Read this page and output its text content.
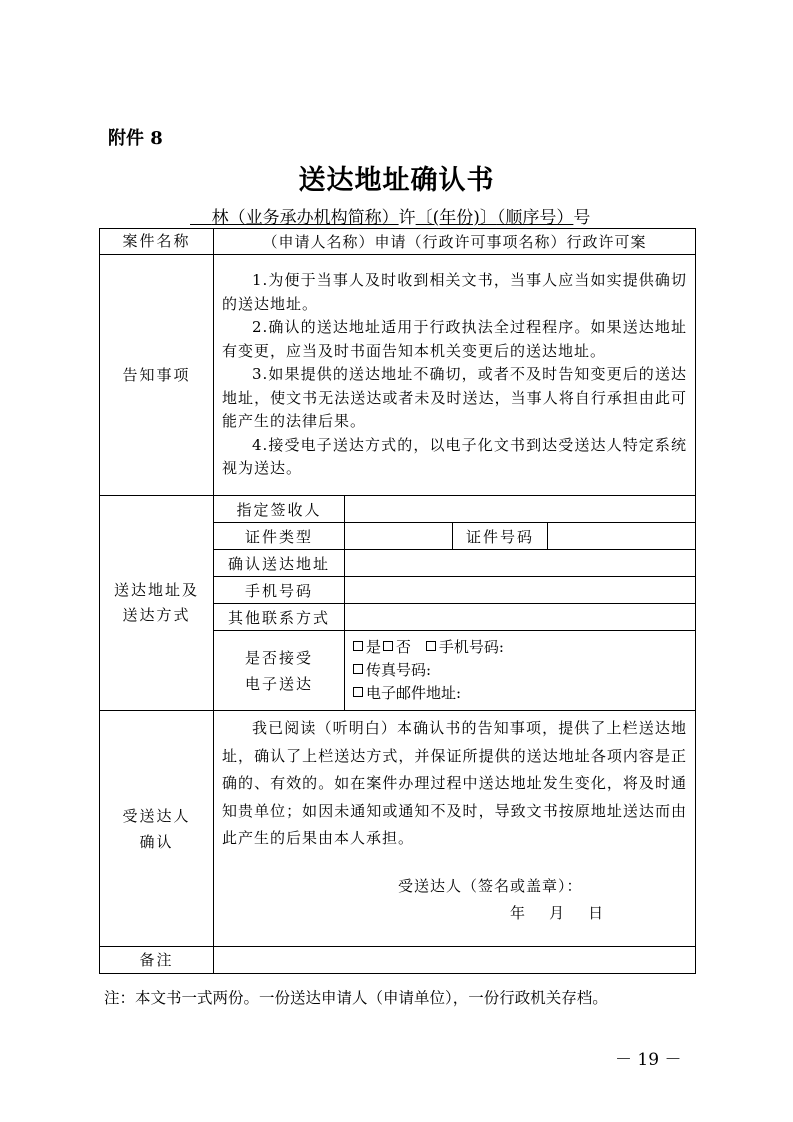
附件 8
送达地址确认书
林（业务承办机构简称）许〔(年份)〕（顺序号）号
案件名称	（申请人名称）申请（行政许可事项名称）行政许可案			
告知事项	1.为便于当事人及时收到相关文书，当事人应当如实提供确切的送达地址。

2.确认的送达地址适用于行政执法全过程程序。如果送达地址有变更，应当及时书面告知本机关变更后的送达地址。

3.如果提供的送达地址不确切，或者不及时告知变更后的送达地址，使文书无法送达或者未及时送达，当事人将自行承担由此可能产生的法律后果。

4.接受电子送达方式的，以电子化文书到达受送达人特定系统视为送达。			

送达地址及送达方式	指定签收人			
	证件类型		证件号码	
	确认送达地址			
	手机号码			
	其他联系方式			
	是否接受电子送达	是 否 手机号码:
传真号码:
电子邮件地址:		

受送达人确认	我已阅读（听明白）本确认书的告知事项，提供了上栏送达地址，确认了上栏送达方式，并保证所提供的送达地址各项内容是正确的、有效的。如在案件办理过程中送达地址发生变化，将及时通知贵单位；如因未通知或通知不及时，导致文书按原地址送达而由此产生的后果由本人承担。

受送达人（签名或盖章）：
年    月    日			

备注				
注：本文书一式两份。一份送达申请人（申请单位），一份行政机关存档。
－ 19 －
